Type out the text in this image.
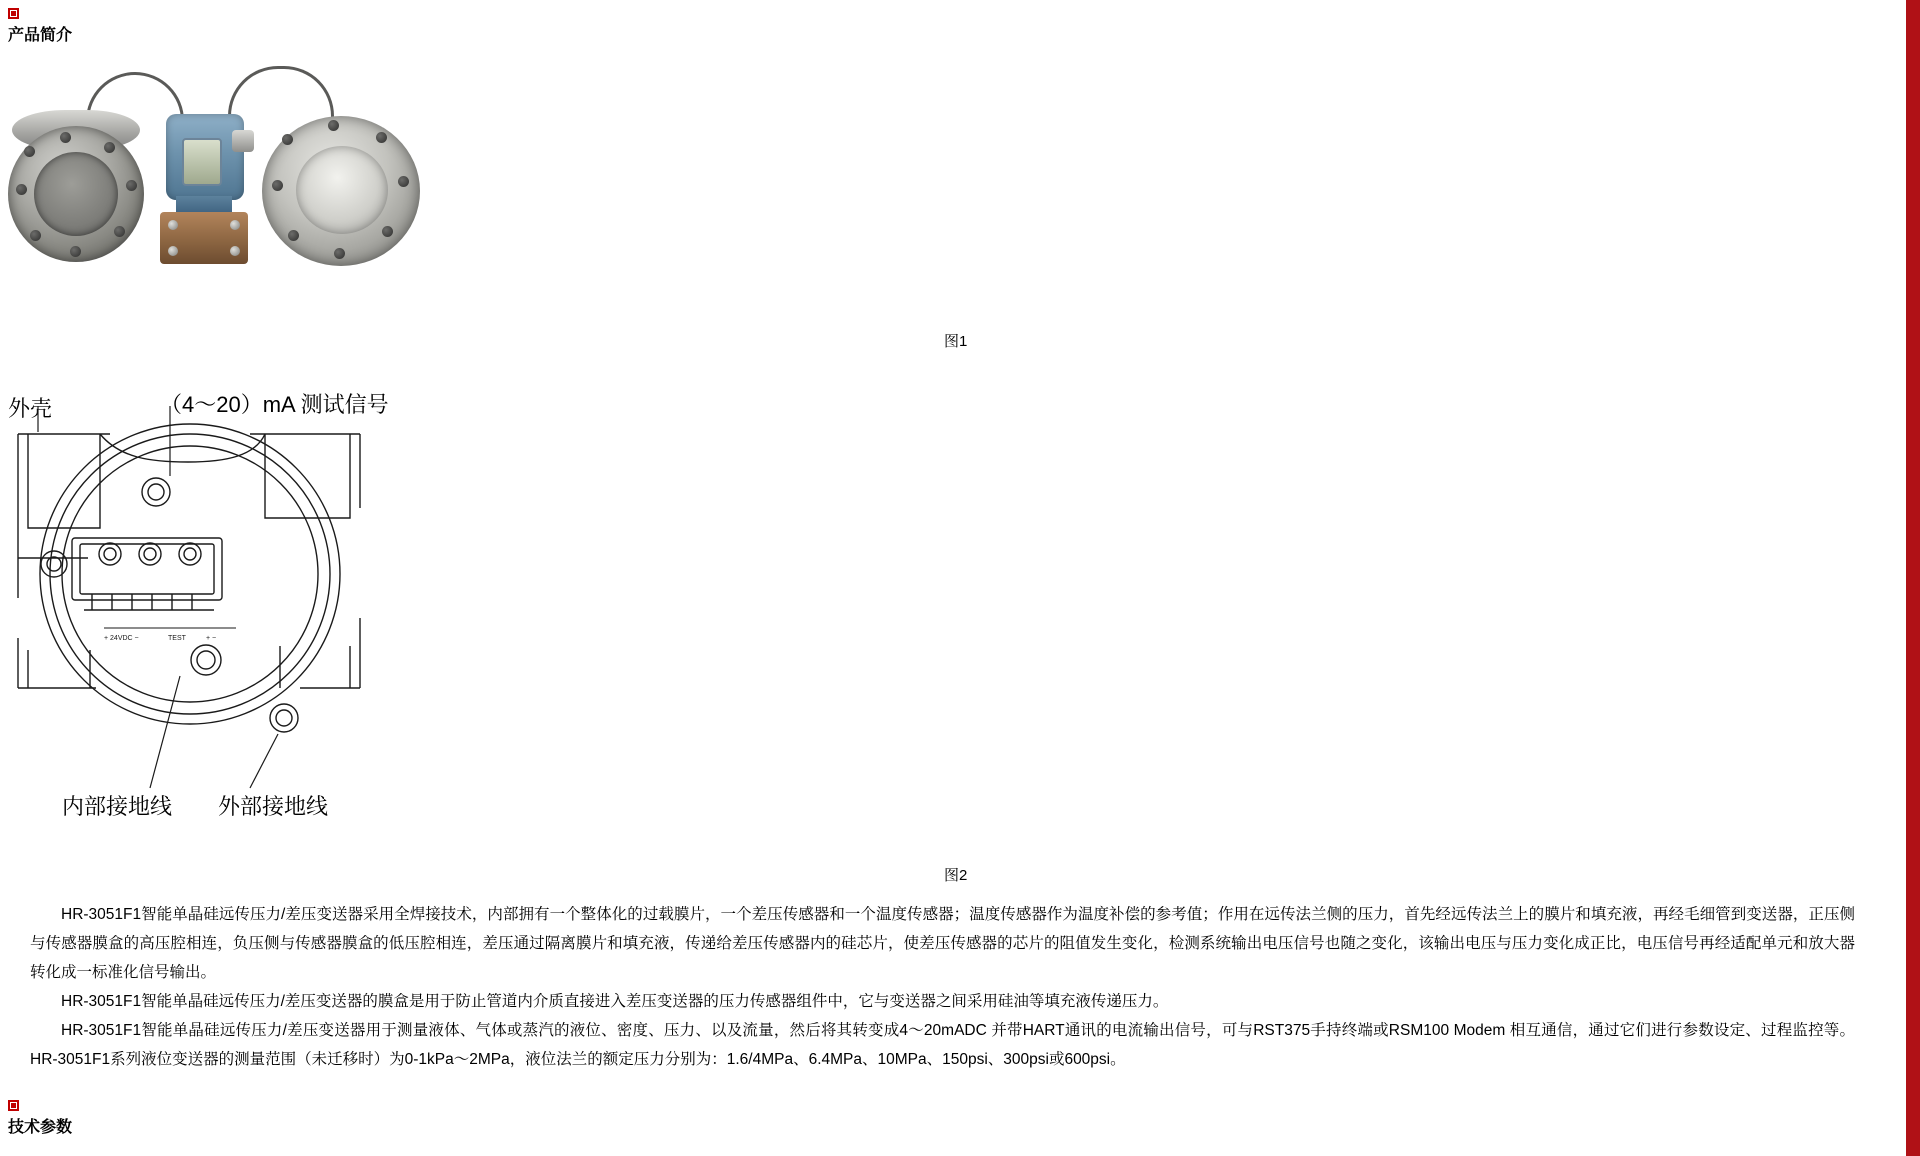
产品简介
图1
外壳	（4～20）mA 测试信号
内部接地线 外部接地线
+ 24VDC −	TEST	+ −
图2

HR-3051F1智能单晶硅远传压力/差压变送器采用全焊接技术，内部拥有一个整体化的过载膜片，一个差压传感器和一个温度传感器；温度传感器作为温度补偿的参考值；作用在远传法兰侧的压力，首先经远传法兰上的膜片和填充液，再经毛细管到变送器，正压侧与传感器膜盒的高压腔相连，负压侧与传感器膜盒的低压腔相连，差压通过隔离膜片和填充液，传递给差压传感器内的硅芯片，使差压传感器的芯片的阻值发生变化，检测系统输出电压信号也随之变化，该输出电压与压力变化成正比，电压信号再经适配单元和放大器转化成一标准化信号输出。

HR-3051F1智能单晶硅远传压力/差压变送器的膜盒是用于防止管道内介质直接进入差压变送器的压力传感器组件中，它与变送器之间采用硅油等填充液传递压力。

HR-3051F1智能单晶硅远传压力/差压变送器用于测量液体、气体或蒸汽的液位、密度、压力、以及流量，然后将其转变成4～20mADC 并带HART通讯的电流输出信号，可与RST375手持终端或RSM100 Modem 相互通信，通过它们进行参数设定、过程监控等。HR-3051F1系列液位变送器的测量范围（未迁移时）为0-1kPa～2MPa，液位法兰的额定压力分别为：1.6/4MPa、6.4MPa、10MPa、150psi、300psi或600psi。

技术参数
